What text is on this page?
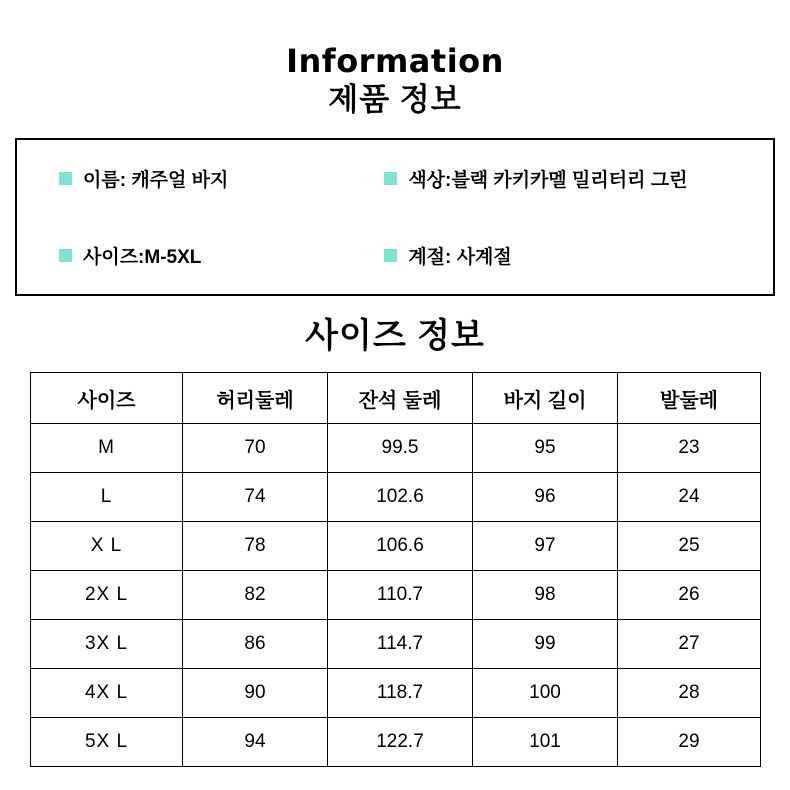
Information
제품 정보
이름: 캐주얼 바지	색상:블랙 카키카멜 밀리터리 그린
사이즈:M-5XL	계절: 사계절
사이즈 정보
사이즈	허리둘레	잔석 둘레	바지 길이	발둘레
M	70	99.5	95	23
L	74	102.6	96	24
X L	78	106.6	97	25
2X L	82	110.7	98	26
3X L	86	114.7	99	27
4X L	90	118.7	100	28
5X L	94	122.7	101	29
